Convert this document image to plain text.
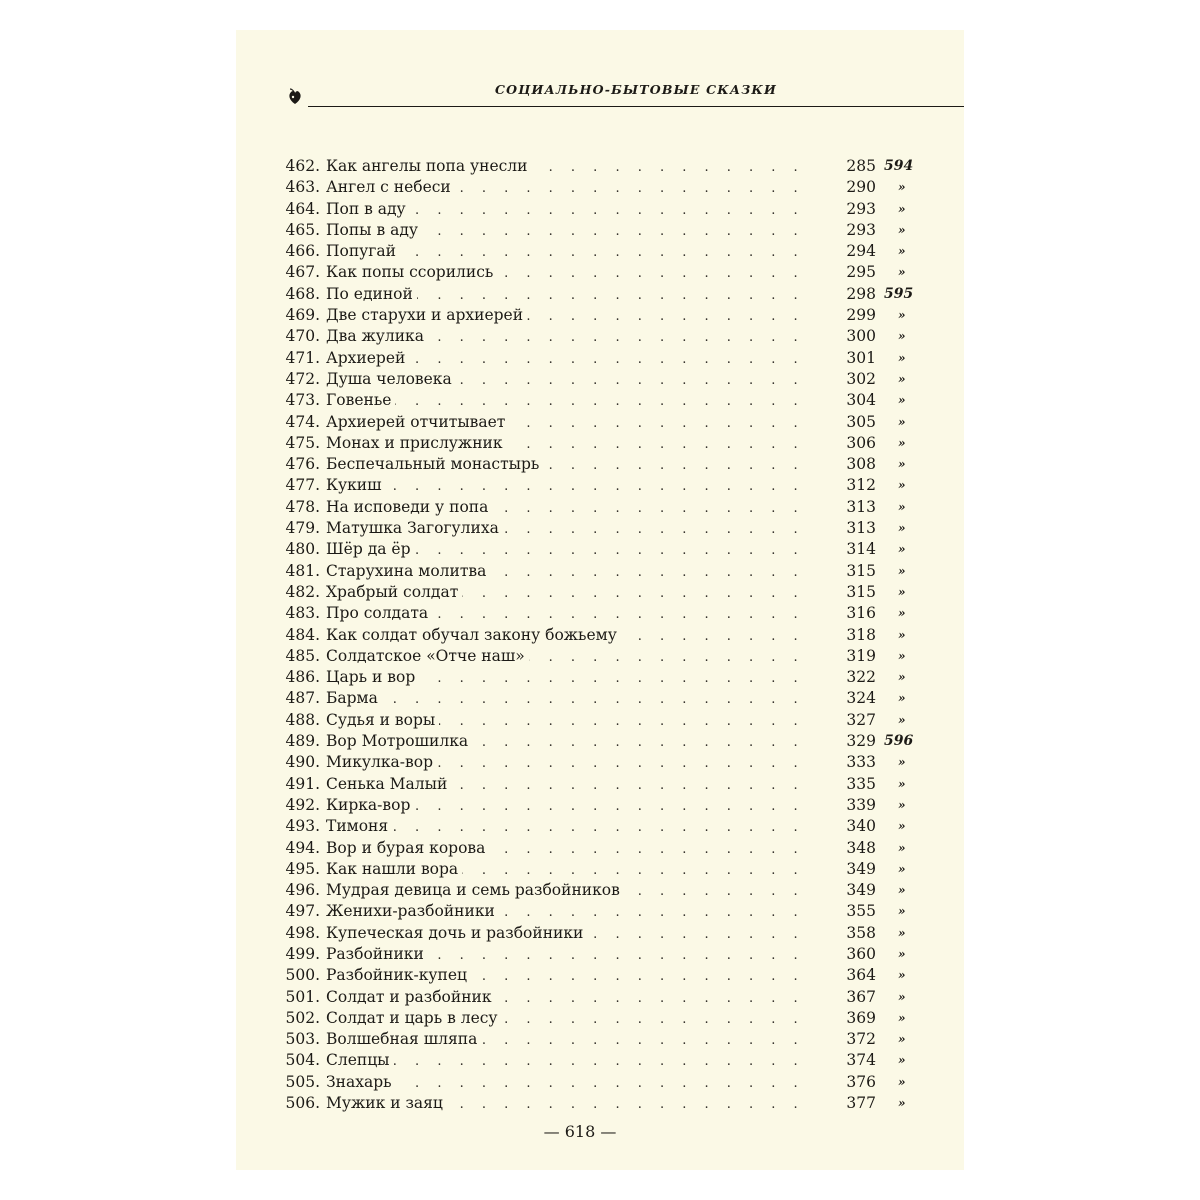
СОЦИАЛЬНО-БЫТОВЫЕ СКАЗКИ
462. . . . Как ангелы попа унесли	285 594
463. . . . Ангел с небеси	290	»
464. . . . Поп в аду	293	»
465. . . . Попы в аду	293	»
466. . . . Попугай	294	»
467. . . . Как попы ссорились	295	»
468. . . . По единой	298 595
469. . . . Две старухи и архиерей	299	»
470. . . . Два жулика	300	»
471. . . . Архиерей	301	»
472. . . . Душа человека	302	»
473. . . . Говенье	304	»
474. . . . Архиерей отчитывает	305	»
475. . . . Монах и прислужник	306	»
476. . . . Беспечальный монастырь	308	»
477. . . . Кукиш	312	»
478. . . . На исповеди у попа	313	»
479. . . . Матушка Загогулиха	313	»
480. . . . Шёр да ёр	314	»
481. . . . Старухина молитва	315	»
482. . . . Храбрый солдат	315	»
483. . . . Про солдата	316	»
484. . . . Как солдат обучал закону божьему	318	»
485. . . . Солдатское «Отче наш»	319	»
486. . . . Царь и вор	322	»
487. . . . Барма	324	»
488. . . . Судья и воры	327	»
489. . . . Вор Мотрошилка	329 596
490. . . . Микулка-вор	333	»
491. . . . Сенька Малый	335	»
492. . . . Кирка-вор	339	»
493. . . . Тимоня	340	»
494. . . . Вор и бурая корова	348	»
495. . . . Как нашли вора	349	»
496. . . . Мудрая девица и семь разбойников	349	»
497. . . . Женихи-разбойники	355	»
498. . . . Купеческая дочь и разбойники	358	»
499. . . . Разбойники	360	»
500. . . . Разбойник-купец	364	»
501. . . . Солдат и разбойник	367	»
502. . . . Солдат и царь в лесу	369	»
503. . . . Волшебная шляпа	372	»
504. . . . Слепцы	374	»
505. . . . Знахарь	376	»
506. . . . Мужик и заяц	377	»
— 618 —
